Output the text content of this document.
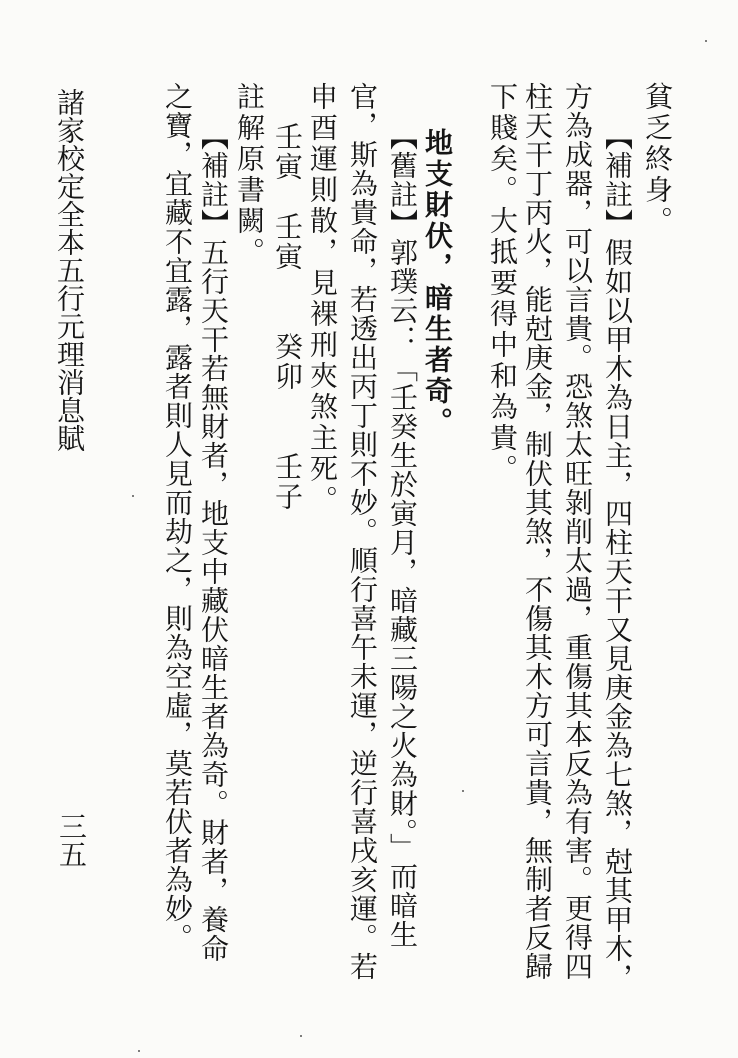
諸家校定全本五行元理消息賦	貧乏終身。
【補註】假如以甲木為日主，四柱天干又見庚金為七煞，尅其甲木，
方為成器，可以言貴。恐煞太旺剝削太過，重傷其本反為有害。更得四
柱天干丁丙火，能尅庚金，制伏其煞，不傷其木方可言貴，無制者反歸
下賤矣。大抵要得中和為貴。
地支財伏，暗生者奇。
【舊註】郭璞云：「壬癸生於寅月，暗藏三陽之火為財。」而暗生
官，斯為貴命，若透出丙丁則不妙。順行喜午未運，逆行喜戌亥運。若
申酉運則散，見裸刑夾煞主死。
壬寅　壬寅　　癸卯　　壬子
註解原書闕。
【補註】五行天干若無財者，地支中藏伏暗生者為奇。財者，養命
之寶，宜藏不宜露，露者則人見而劫之，則為空虛，莫若伏者為妙。
三五
